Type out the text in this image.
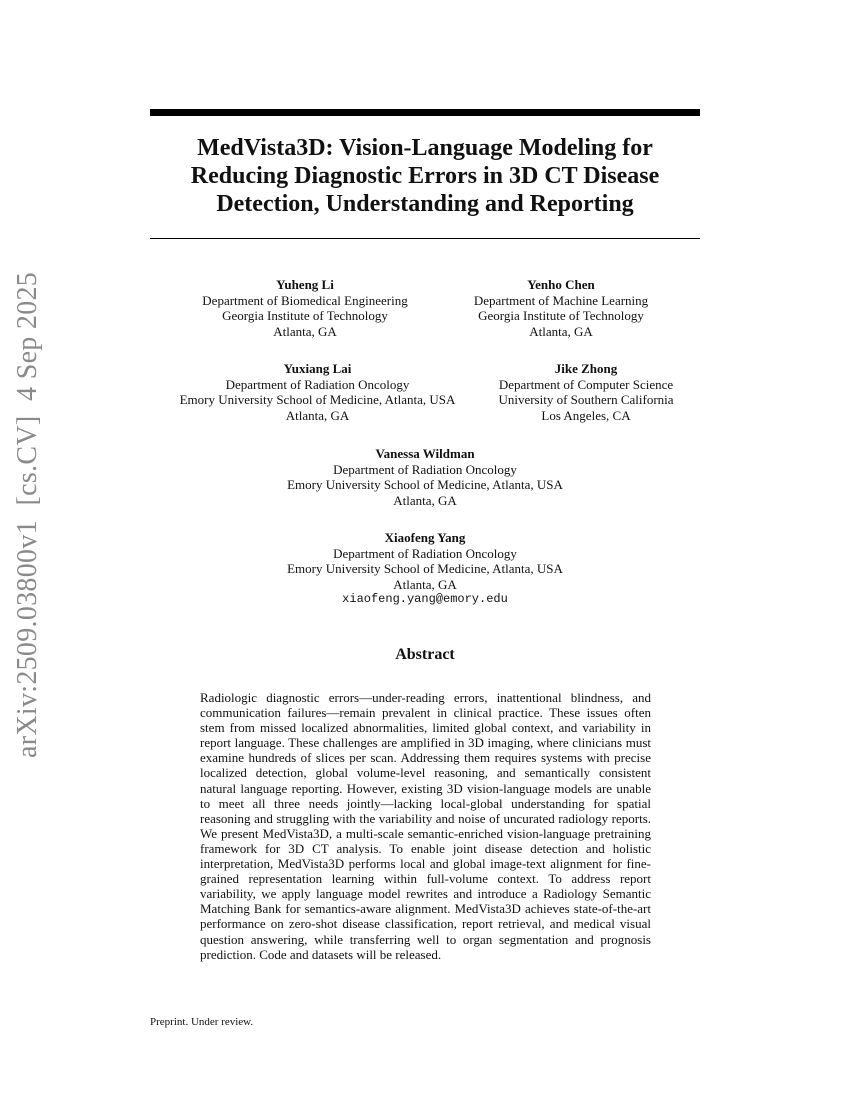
arXiv:2509.03800v1  [cs.CV]  4 Sep 2025
MedVista3D: Vision-Language Modeling for Reducing Diagnostic Errors in 3D CT Disease Detection, Understanding and Reporting
Yuheng Li
Department of Biomedical Engineering
Georgia Institute of Technology
Atlanta, GA
Yenho Chen
Department of Machine Learning
Georgia Institute of Technology
Atlanta, GA
Yuxiang Lai
Department of Radiation Oncology
Emory University School of Medicine, Atlanta, USA
Atlanta, GA
Jike Zhong
Department of Computer Science
University of Southern California
Los Angeles, CA
Vanessa Wildman
Department of Radiation Oncology
Emory University School of Medicine, Atlanta, USA
Atlanta, GA
Xiaofeng Yang
Department of Radiation Oncology
Emory University School of Medicine, Atlanta, USA
Atlanta, GA
xiaofeng.yang@emory.edu
Abstract
Radiologic diagnostic errors—under-reading errors, inattentional blindness, and communication failures—remain prevalent in clinical practice. These issues often stem from missed localized abnormalities, limited global context, and variability in report language. These challenges are amplified in 3D imaging, where clinicians must examine hundreds of slices per scan. Addressing them requires systems with precise localized detection, global volume-level reasoning, and semantically consistent natural language reporting. However, existing 3D vision-language models are unable to meet all three needs jointly—lacking local-global understanding for spatial reasoning and struggling with the variability and noise of uncurated radiology reports. We present MedVista3D, a multi-scale semantic-enriched vision-language pretraining framework for 3D CT analysis. To enable joint disease detection and holistic interpretation, MedVista3D performs local and global image-text alignment for fine-grained representation learning within full-volume context. To address report variability, we apply language model rewrites and introduce a Radiology Semantic Matching Bank for semantics-aware alignment. MedVista3D achieves state-of-the-art performance on zero-shot disease classification, report retrieval, and medical visual question answering, while transferring well to organ segmentation and prognosis prediction. Code and datasets will be released.
Preprint. Under review.
